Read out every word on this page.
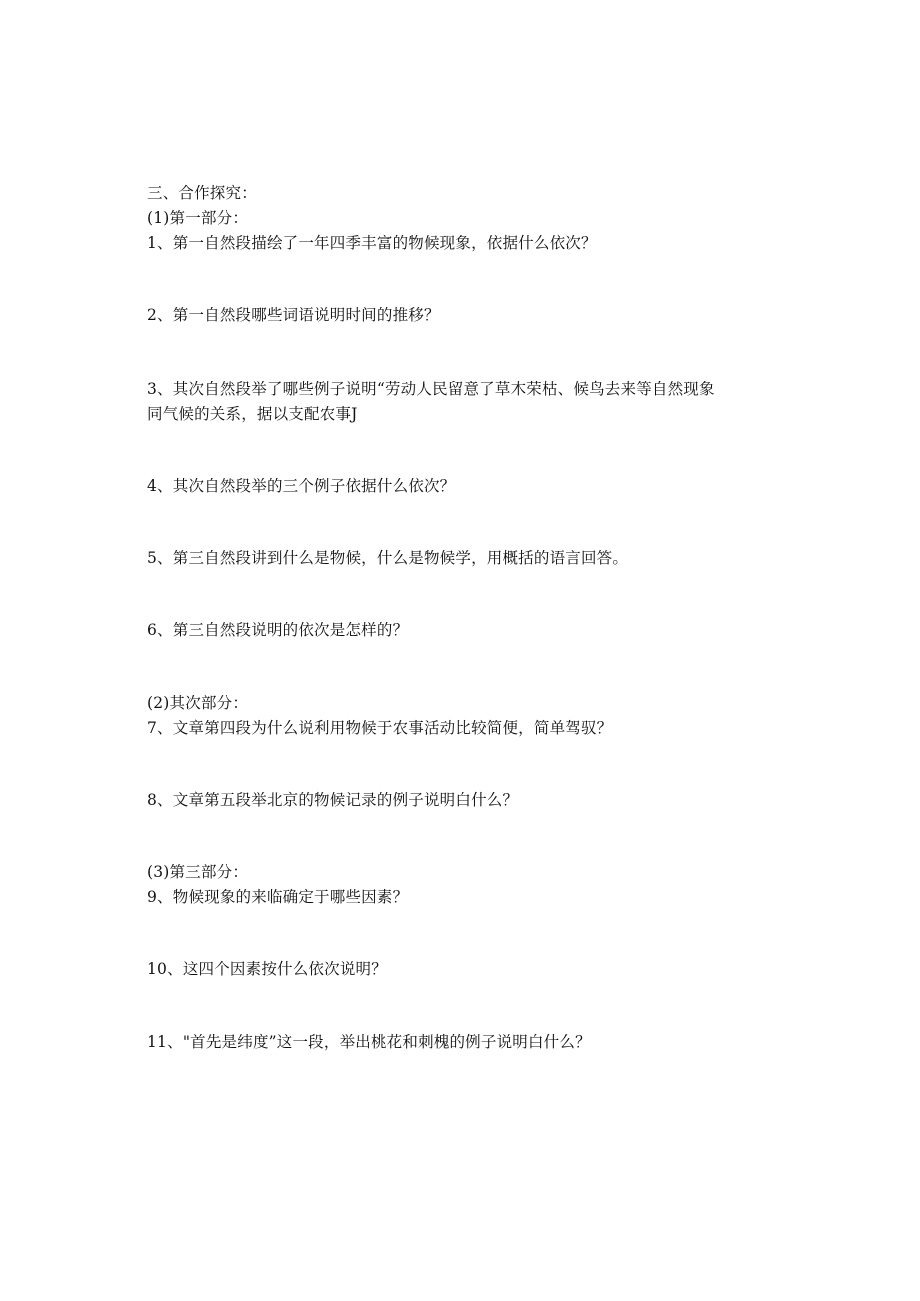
三、合作探究：

(1)第一部分：

1、第一自然段描绘了一年四季丰富的物候现象，依据什么依次？

2、第一自然段哪些词语说明时间的推移？

3、其次自然段举了哪些例子说明“劳动人民留意了草木荣枯、候鸟去来等自然现象

同气候的关系，据以支配农事J

4、其次自然段举的三个例子依据什么依次？

5、第三自然段讲到什么是物候，什么是物候学，用概括的语言回答。

6、第三自然段说明的依次是怎样的？

(2)其次部分：

7、文章第四段为什么说利用物候于农事活动比较简便，简单驾驭？

8、文章第五段举北京的物候记录的例子说明白什么？

(3)第三部分：

9、物候现象的来临确定于哪些因素？

10、这四个因素按什么依次说明？

11、"首先是纬度”这一段，举出桃花和刺槐的例子说明白什么？
